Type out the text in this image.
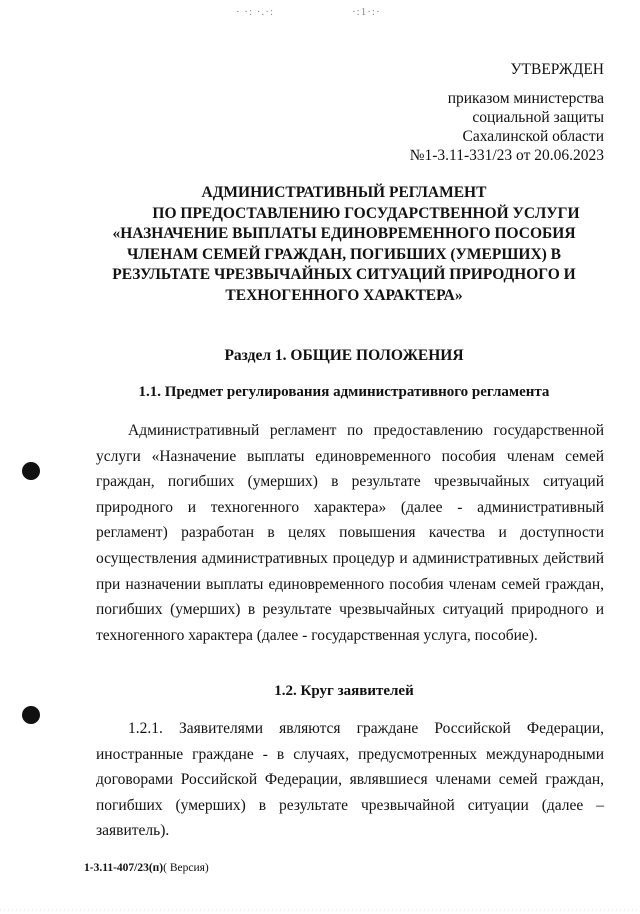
· ·: ·.·:	·:1·:·
УТВЕРЖДЕН
приказом министерства
социальной защиты
Сахалинской области
№1-3.11-331/23 от 20.06.2023
АДМИНИСТРАТИВНЫЙ РЕГЛАМЕНТ
ПО ПРЕДОСТАВЛЕНИЮ ГОСУДАРСТВЕННОЙ УСЛУГИ
«НАЗНАЧЕНИЕ ВЫПЛАТЫ ЕДИНОВРЕМЕННОГО ПОСОБИЯ
ЧЛЕНАМ СЕМЕЙ ГРАЖДАН, ПОГИБШИХ (УМЕРШИХ) В
РЕЗУЛЬТАТЕ ЧРЕЗВЫЧАЙНЫХ СИТУАЦИЙ ПРИРОДНОГО И
ТЕХНОГЕННОГО ХАРАКТЕРА»
Раздел 1. ОБЩИЕ ПОЛОЖЕНИЯ
1.1. Предмет регулирования административного регламента
Административный регламент по предоставлению государственной
услуги «Назначение выплаты единовременного пособия членам семей
граждан, погибших (умерших) в результате чрезвычайных ситуаций
природного и техногенного характера» (далее - административный
регламент) разработан в целях повышения качества и доступности
осуществления административных процедур и административных действий
при назначении выплаты единовременного пособия членам семей граждан,
погибших (умерших) в результате чрезвычайных ситуаций природного и
техногенного характера (далее - государственная услуга, пособие).
1.2. Круг заявителей
1.2.1. Заявителями являются граждане Российской Федерации,
иностранные граждане - в случаях, предусмотренных международными
договорами Российской Федерации, являвшиеся членами семей граждан,
погибших (умерших) в результате чрезвычайной ситуации (далее –
заявитель).
1-3.11-407/23(п)( Версия)
